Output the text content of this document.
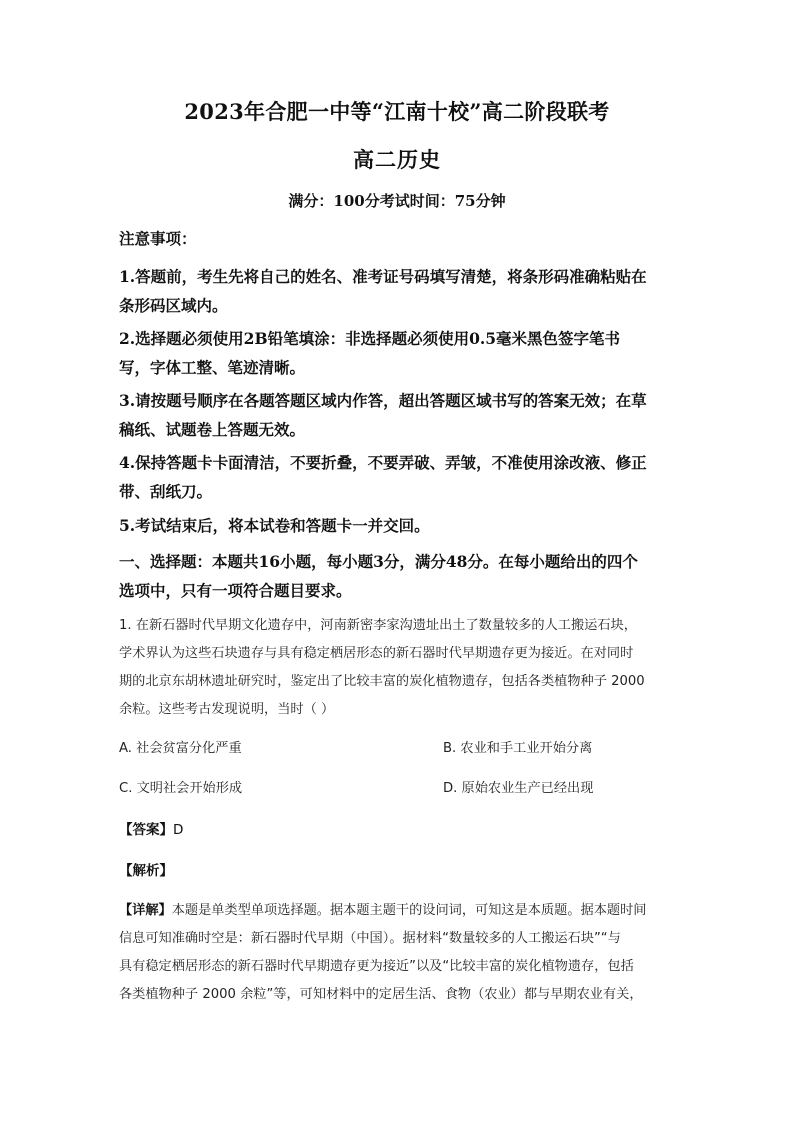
2023年合肥一中等“江南十校”高二阶段联考
高二历史
满分：100分考试时间：75分钟
注意事项：
1.答题前，考生先将自己的姓名、准考证号码填写清楚，将条形码准确粘贴在
条形码区域内。
2.选择题必须使用2B铅笔填涂：非选择题必须使用0.5毫米黑色签字笔书
写，字体工整、笔迹清晰。
3.请按题号顺序在各题答题区域内作答，超出答题区域书写的答案无效；在草
稿纸、试题卷上答题无效。
4.保持答题卡卡面清洁，不要折叠，不要弄破、弄皱，不准使用涂改液、修正
带、刮纸刀。
5.考试结束后，将本试卷和答题卡一并交回。
一、选择题：本题共16小题，每小题3分，满分48分。在每小题给出的四个
选项中，只有一项符合题目要求。
1. 在新石器时代早期文化遗存中，河南新密李家沟遗址出土了数量较多的人工搬运石块，
学术界认为这些石块遗存与具有稳定栖居形态的新石器时代早期遗存更为接近。在对同时
期的北京东胡林遗址研究时，鉴定出了比较丰富的炭化植物遗存，包括各类植物种子 2000
余粒。这些考古发现说明，当时（ ）
A. 社会贫富分化严重	B. 农业和手工业开始分离
C. 文明社会开始形成	D. 原始农业生产已经出现
【答案】D
【解析】
【详解】本题是单类型单项选择题。据本题主题干的设问词，可知这是本质题。据本题时间
信息可知准确时空是：新石器时代早期（中国）。据材料“数量较多的人工搬运石块”“与
具有稳定栖居形态的新石器时代早期遗存更为接近”以及“比较丰富的炭化植物遗存，包括
各类植物种子 2000 余粒”等，可知材料中的定居生活、食物（农业）都与早期农业有关，
